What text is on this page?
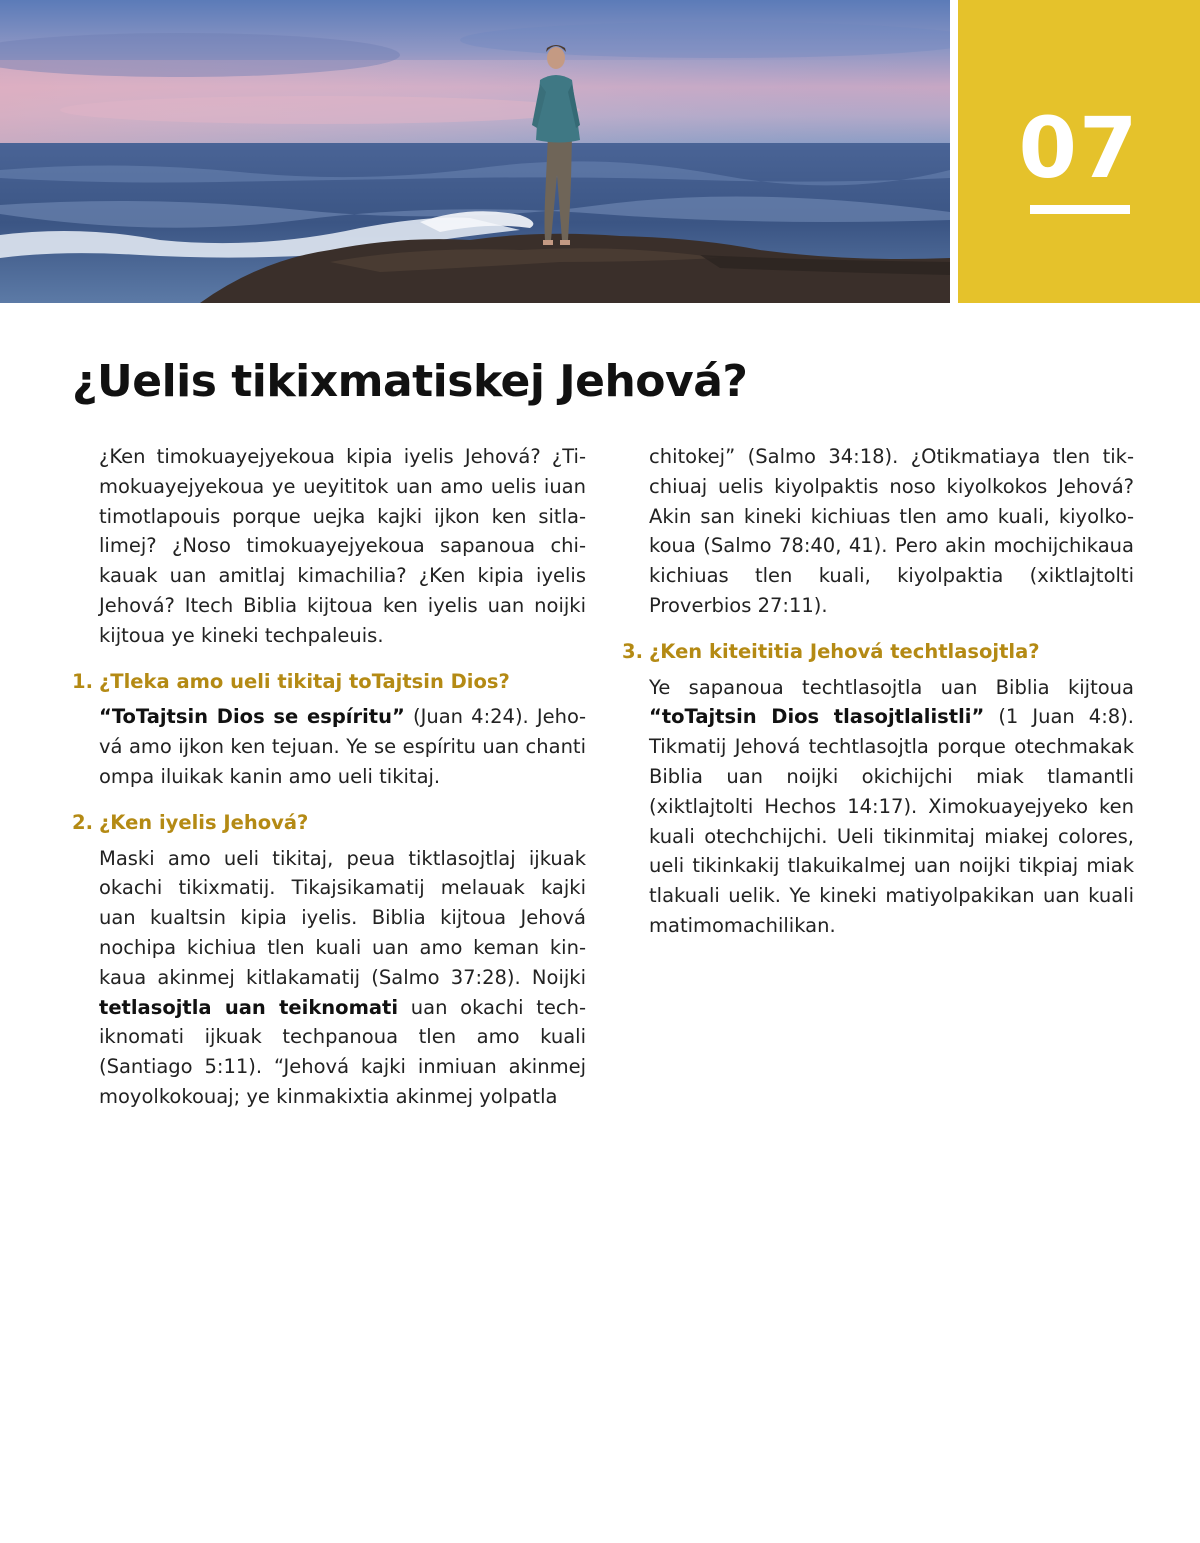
07
¿Uelis tikixmatiskej Jehová?

¿Ken timokuayejyekoua kipia iyelis Jehová? ¿Timokuayejyekoua ye ueyititok uan amo uelis iuan timotlapouis porque uejka kajki ijkon ken sitlalimej? ¿Noso timokuayejyekoua sapanoua chikauak uan amitlaj kimachilia? ¿Ken kipia iyelis Jehová? Itech Biblia kijtoua ken iyelis uan noijki kijtoua ye kineki techpaleuis.

1. ¿Tleka amo ueli tikitaj toTajtsin Dios?

“ToTajtsin Dios se espíritu” (Juan 4:24). Jehová amo ijkon ken tejuan. Ye se espíritu uan chanti ompa iluikak kanin amo ueli tikitaj.

2. ¿Ken iyelis Jehová?

Maski amo ueli tikitaj, peua tiktlasojtlaj ijkuak okachi tikixmatij. Tikajsikamatij melauak kajki uan kualtsin kipia iyelis. Biblia kijtoua Jehová nochipa kichiua tlen kuali uan amo keman kinkaua akinmej kitlakamatij (Salmo 37:28). Noijki tetlasojtla uan teiknomati uan okachi techiknomati ijkuak techpanoua tlen amo kuali (Santiago 5:11). “Jehová kajki inmiuan akinmej moyolkokouaj; ye kinmakixtia akinmej yolpatla

chitokej” (Salmo 34:18). ¿Otikmatiaya tlen tikchiuaj uelis kiyolpaktis noso kiyolkokos Jehová? Akin san kineki kichiuas tlen amo kuali, kiyolkokoua (Salmo 78:40, 41). Pero akin mochijchikaua kichiuas tlen kuali, kiyolpaktia (xiktlajtolti Proverbios 27:11).

3. ¿Ken kiteititia Jehová techtlasojtla?

Ye sapanoua techtlasojtla uan Biblia kijtoua “toTajtsin Dios tlasojtlalistli” (1 Juan 4:8). Tikmatij Jehová techtlasojtla porque otechmakak Biblia uan noijki okichijchi miak tlamantli (xiktlajtolti Hechos 14:17). Ximokuayejyeko ken kuali otechchijchi. Ueli tikinmitaj miakej colores, ueli tikinkakij tlakuikalmej uan noijki tikpiaj miak tlakuali uelik. Ye kineki matiyolpakikan uan kuali matimomachilikan.
